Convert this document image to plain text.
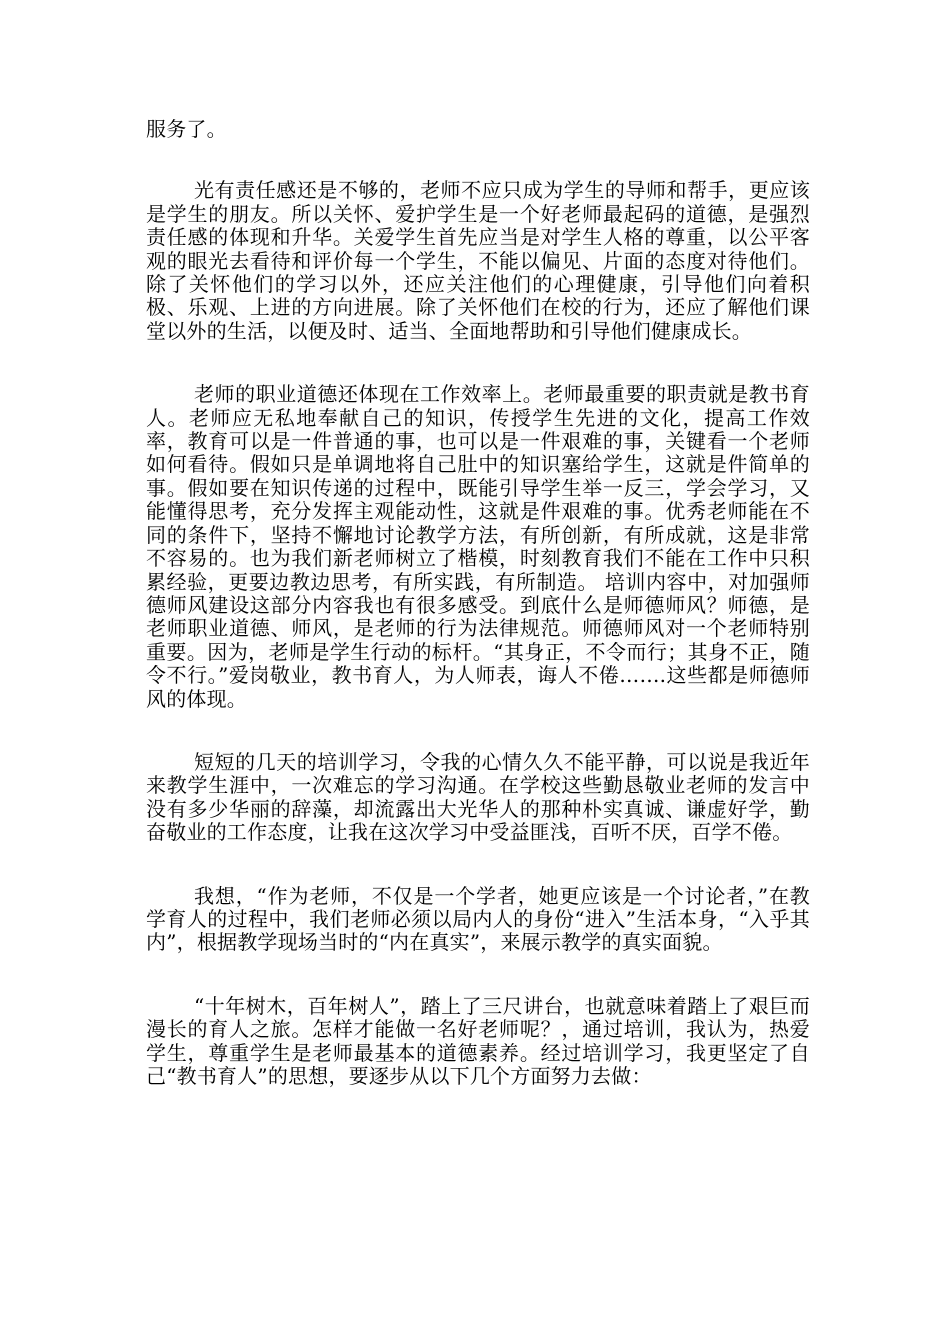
服务了。

光有责任感还是不够的，老师不应只成为学生的导师和帮手，更应该是学生的朋友。所以关怀、爱护学生是一个好老师最起码的道德，是强烈责任感的体现和升华。关爱学生首先应当是对学生人格的尊重，以公平客观的眼光去看待和评价每一个学生，不能以偏见、片面的态度对待他们。除了关怀他们的学习以外，还应关注他们的心理健康，引导他们向着积极、乐观、上进的方向进展。除了关怀他们在校的行为，还应了解他们课堂以外的生活，以便及时、适当、全面地帮助和引导他们健康成长。

老师的职业道德还体现在工作效率上。老师最重要的职责就是教书育人。老师应无私地奉献自己的知识，传授学生先进的文化，提高工作效率，教育可以是一件普通的事，也可以是一件艰难的事，关键看一个老师如何看待。假如只是单调地将自己肚中的知识塞给学生，这就是件简单的事。假如要在知识传递的过程中，既能引导学生举一反三，学会学习，又能懂得思考，充分发挥主观能动性，这就是件艰难的事。优秀老师能在不同的条件下，坚持不懈地讨论教学方法，有所创新，有所成就，这是非常不容易的。也为我们新老师树立了楷模，时刻教育我们不能在工作中只积累经验，更要边教边思考，有所实践，有所制造。 培训内容中，对加强师德师风建设这部分内容我也有很多感受。到底什么是师德师风？师德，是老师职业道德、师风，是老师的行为法律规范。师德师风对一个老师特别重要。因为，老师是学生行动的标杆。“其身正，不令而行；其身不正，随令不行。”爱岗敬业，教书育人，为人师表，诲人不倦…….这些都是师德师风的体现。

短短的几天的培训学习，令我的心情久久不能平静，可以说是我近年来教学生涯中，一次难忘的学习沟通。在学校这些勤恳敬业老师的发言中没有多少华丽的辞藻，却流露出大光华人的那种朴实真诚、谦虚好学，勤奋敬业的工作态度，让我在这次学习中受益匪浅，百听不厌，百学不倦。

我想，“作为老师，不仅是一个学者，她更应该是一个讨论者，”在教学育人的过程中，我们老师必须以局内人的身份“进入”生活本身，“入乎其内”，根据教学现场当时的“内在真实”，来展示教学的真实面貌。

“十年树木，百年树人”，踏上了三尺讲台，也就意味着踏上了艰巨而漫长的育人之旅。怎样才能做一名好老师呢？，通过培训，我认为，热爱学生，尊重学生是老师最基本的道德素养。经过培训学习，我更坚定了自己“教书育人”的思想，要逐步从以下几个方面努力去做：
